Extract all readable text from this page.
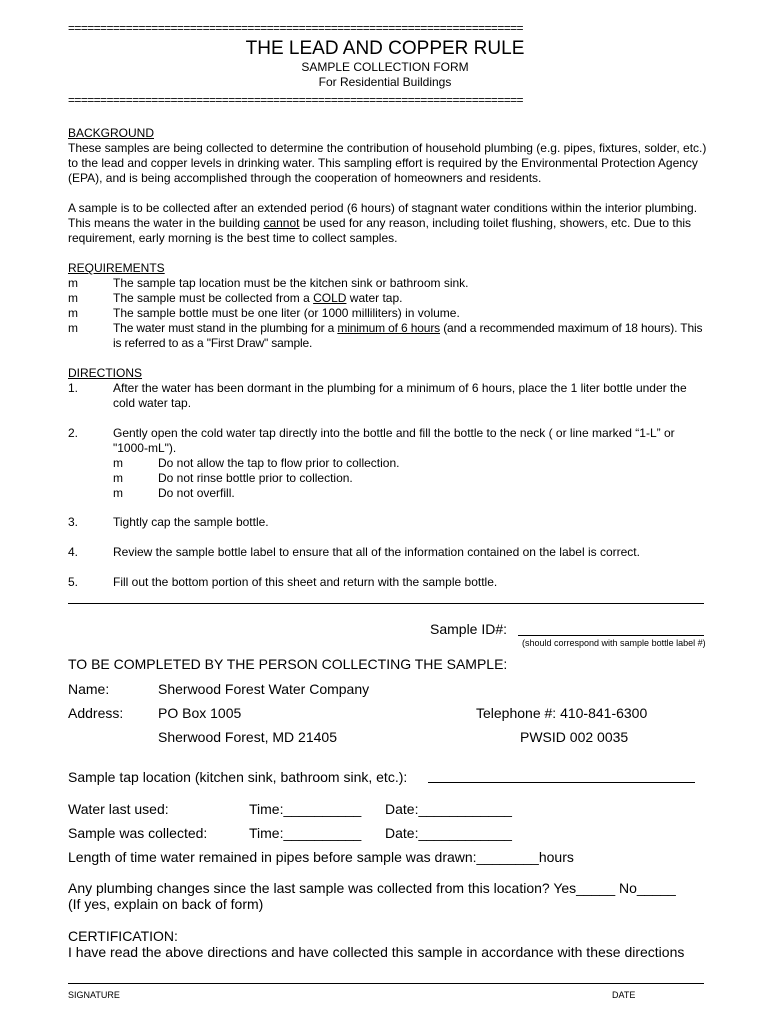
=======================================================================
THE LEAD AND COPPER RULE
SAMPLE COLLECTION FORM
For Residential Buildings
=======================================================================
BACKGROUND
These samples are being collected to determine the contribution of household plumbing (e.g. pipes, fixtures, solder, etc.) to the lead and copper levels in drinking water. This sampling effort is required by the Environmental Protection Agency (EPA), and is being accomplished through the cooperation of homeowners and residents.
A sample is to be collected after an extended period (6 hours) of stagnant water conditions within the interior plumbing. This means the water in the building cannot be used for any reason, including toilet flushing, showers, etc. Due to this requirement, early morning is the best time to collect samples.
REQUIREMENTS
m	The sample tap location must be the kitchen sink or bathroom sink.
m	The sample must be collected from a COLD water tap.
m	The sample bottle must be one liter (or 1000 milliliters) in volume.
m	The water must stand in the plumbing for a minimum of 6 hours (and a recommended maximum of 18 hours). This is referred to as a "First Draw" sample.
DIRECTIONS
1.	After the water has been dormant in the plumbing for a minimum of 6 hours, place the 1 liter bottle under the cold water tap.
2.	Gently open the cold water tap directly into the bottle and fill the bottle to the neck ( or line marked “1-L” or "1000-mL").
m	Do not allow the tap to flow prior to collection.
m	Do not rinse bottle prior to collection.
m	Do not overfill.
3.	Tightly cap the sample bottle.
4.	Review the sample bottle label to ensure that all of the information contained on the label is correct.
5.	Fill out the bottom portion of this sheet and return with the sample bottle.
Sample ID#:
(should correspond with sample bottle label #)
TO BE COMPLETED BY THE PERSON COLLECTING THE SAMPLE:
Name:	Sherwood Forest Water Company
Address: PO Box 1005	Telephone #: 410-841-6300
Sherwood Forest, MD 21405	PWSID 002 0035
Sample tap location (kitchen sink, bathroom sink, etc.):
Water last used:	Time:__________ Date:____________
Sample was collected:	Time:__________ Date:____________
Length of time water remained in pipes before sample was drawn:________hours
Any plumbing changes since the last sample was collected from this location? Yes_____ No_____
(If yes, explain on back of form)
CERTIFICATION:
I have read the above directions and have collected this sample in accordance with these directions
SIGNATURE	DATE
